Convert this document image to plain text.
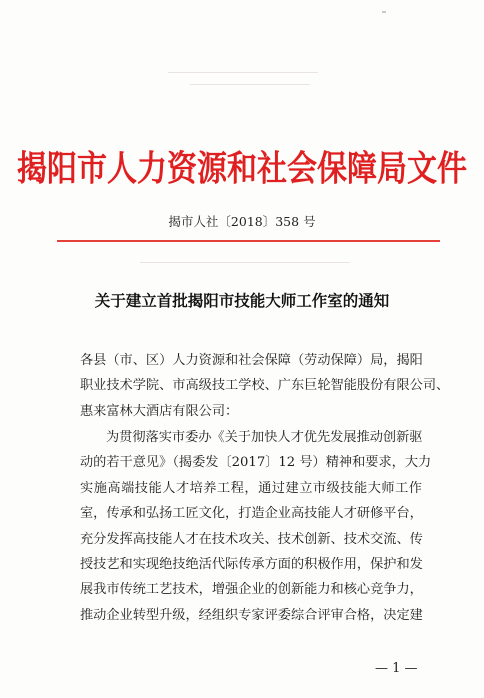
揭阳市人力资源和社会保障局文件
揭市人社〔2018〕358 号
关于建立首批揭阳市技能大师工作室的通知
各县（市、区）人力资源和社会保障（劳动保障）局，揭阳
职业技术学院、市高级技工学校、广东巨轮智能股份有限公司、
惠来富林大酒店有限公司：
为贯彻落实市委办《关于加快人才优先发展推动创新驱
动的若干意见》（揭委发〔2017〕12 号）精神和要求，大力
实施高端技能人才培养工程，通过建立市级技能大师工作
室，传承和弘扬工匠文化，打造企业高技能人才研修平台，
充分发挥高技能人才在技术攻关、技术创新、技术交流、传
授技艺和实现绝技绝活代际传承方面的积极作用，保护和发
展我市传统工艺技术，增强企业的创新能力和核心竞争力，
推动企业转型升级，经组织专家评委综合评审合格，决定建
— 1 —
